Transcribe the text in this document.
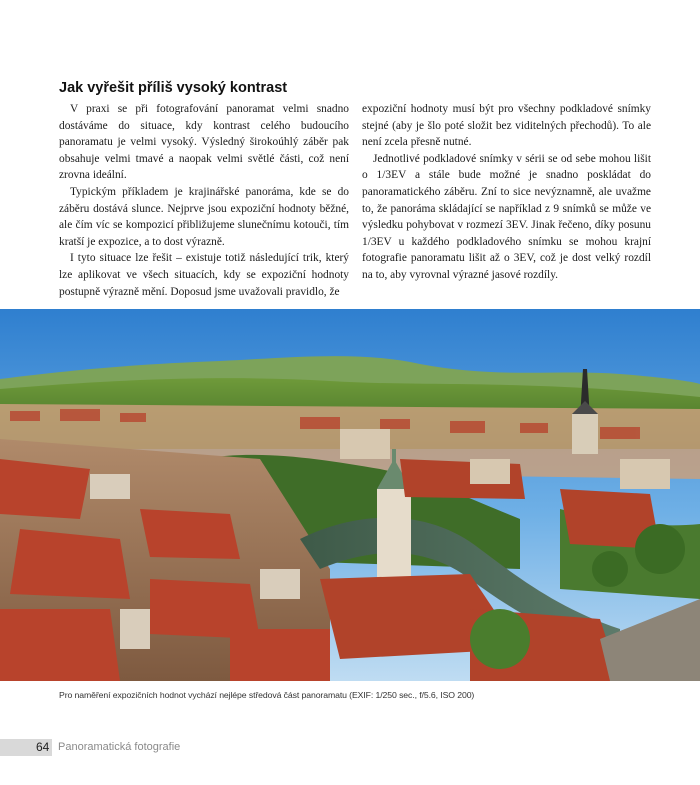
Jak vyřešit příliš vysoký kontrast

V praxi se při fotografování panoramat velmi snadno dostáváme do situace, kdy kontrast celého budoucího panoramatu je velmi vysoký. Výsledný širokoúhlý záběr pak obsahuje velmi tmavé a naopak velmi světlé části, což není zrovna ideální.

Typickým příkladem je krajinářské panoráma, kde se do záběru dostává slunce. Nejprve jsou expoziční hodnoty běžné, ale čím víc se kompozicí přibližujeme slunečnímu kotouči, tím kratší je expozice, a to dost výrazně.

I tyto situace lze řešit – existuje totiž následující trik, který lze aplikovat ve všech situacích, kdy se expoziční hodnoty postupně výrazně mění. Doposud jsme uvažovali pravidlo, že

expoziční hodnoty musí být pro všechny podkladové snímky stejné (aby je šlo poté složit bez viditelných přechodů). To ale není zcela přesně nutné.

Jednotlivé podkladové snímky v sérii se od sebe mohou lišit o 1/3EV a stále bude možné je snadno poskládat do panoramatického záběru. Zní to sice nevýznamně, ale uvažme to, že panoráma skládající se například z 9 snímků se může ve výsledku pohybovat v rozmezí 3EV. Jinak řečeno, díky posunu 1/3EV u každého podkladového snímku se mohou krajní fotografie panoramatu lišit až o 3EV, což je dost velký rozdíl na to, aby vyrovnal výrazné jasové rozdíly.

Pro naměření expozičních hodnot vychází nejlépe středová část panoramatu (EXIF: 1/250 sec., f/5.6, ISO 200)

64 Panoramatická fotografie
